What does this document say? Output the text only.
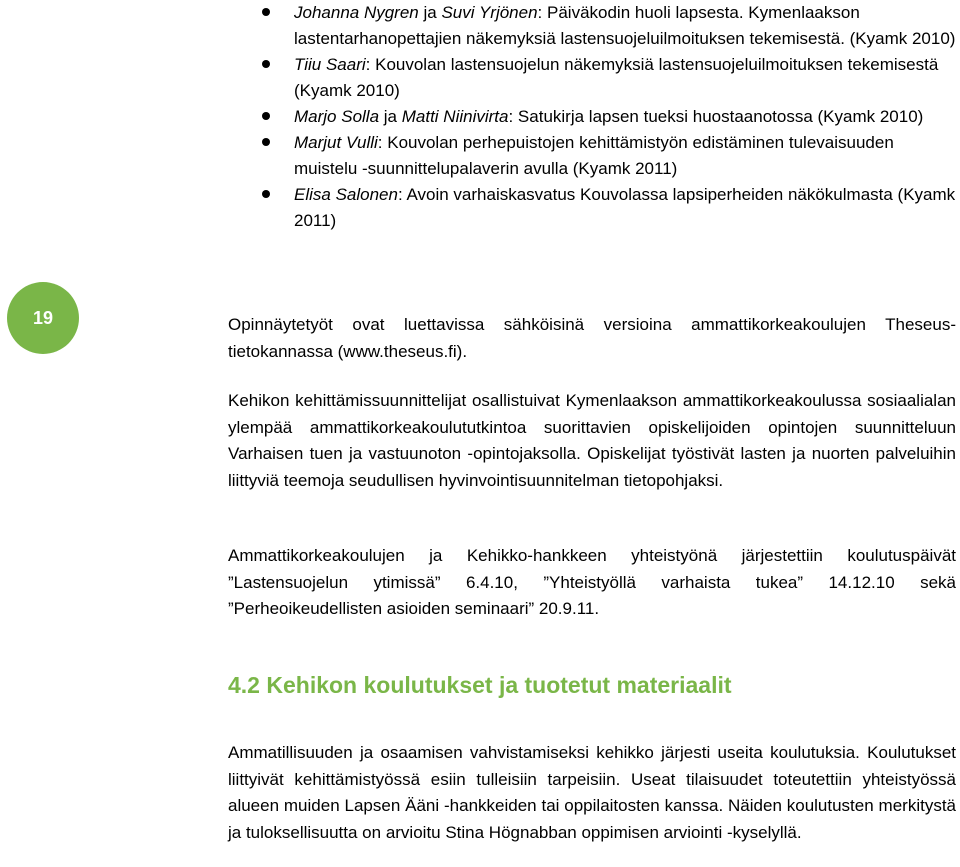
19
Johanna Nygren ja Suvi Yrjönen: Päiväkodin huoli lapsesta. Kymenlaakson lastentarhanopettajien näkemyksiä lastensuojeluilmoituksen tekemisestä. (Kyamk 2010)
Tiiu Saari: Kouvolan lastensuojelun näkemyksiä lastensuojeluilmoituksen tekemisestä (Kyamk 2010)
Marjo Solla ja Matti Niinivirta: Satukirja lapsen tueksi huostaanotossa (Kyamk 2010)
Marjut Vulli: Kouvolan perhepuistojen kehittämistyön edistäminen tulevaisuuden muistelu -suunnittelupalaverin avulla (Kyamk 2011)
Elisa Salonen: Avoin varhaiskasvatus Kouvolassa lapsiperheiden näkökulmasta (Kyamk 2011)

Opinnäytetyöt ovat luettavissa sähköisinä versioina ammattikorkeakoulujen Theseus-tietokannassa (www.theseus.fi).

Kehikon kehittämissuunnittelijat osallistuivat Kymenlaakson ammattikorkeakoulussa sosiaalialan ylempää ammattikorkeakoulututkintoa suorittavien opiskelijoiden opintojen suunnitteluun Varhaisen tuen ja vastuunoton -opintojaksolla. Opiskelijat työstivät lasten ja nuorten palveluihin liittyviä teemoja seudullisen hyvinvointisuunnitelman tietopohjaksi.

Ammattikorkeakoulujen ja Kehikko-hankkeen yhteistyönä järjestettiin koulutuspäivät ”Lastensuojelun ytimissä” 6.4.10, ”Yhteistyöllä varhaista tukea” 14.12.10 sekä ”Perheoikeudellisten asioiden seminaari” 20.9.11.

4.2 Kehikon koulutukset ja tuotetut materiaalit

Ammatillisuuden ja osaamisen vahvistamiseksi kehikko järjesti useita koulutuksia. Koulutukset liittyivät kehittämistyössä esiin tulleisiin tarpeisiin. Useat tilaisuudet toteutettiin yhteistyössä alueen muiden Lapsen Ääni -hankkeiden tai oppilaitosten kanssa. Näiden koulutusten merkitystä ja tuloksellisuutta on arvioitu Stina Högnabban oppimisen arviointi -kyselyllä.
